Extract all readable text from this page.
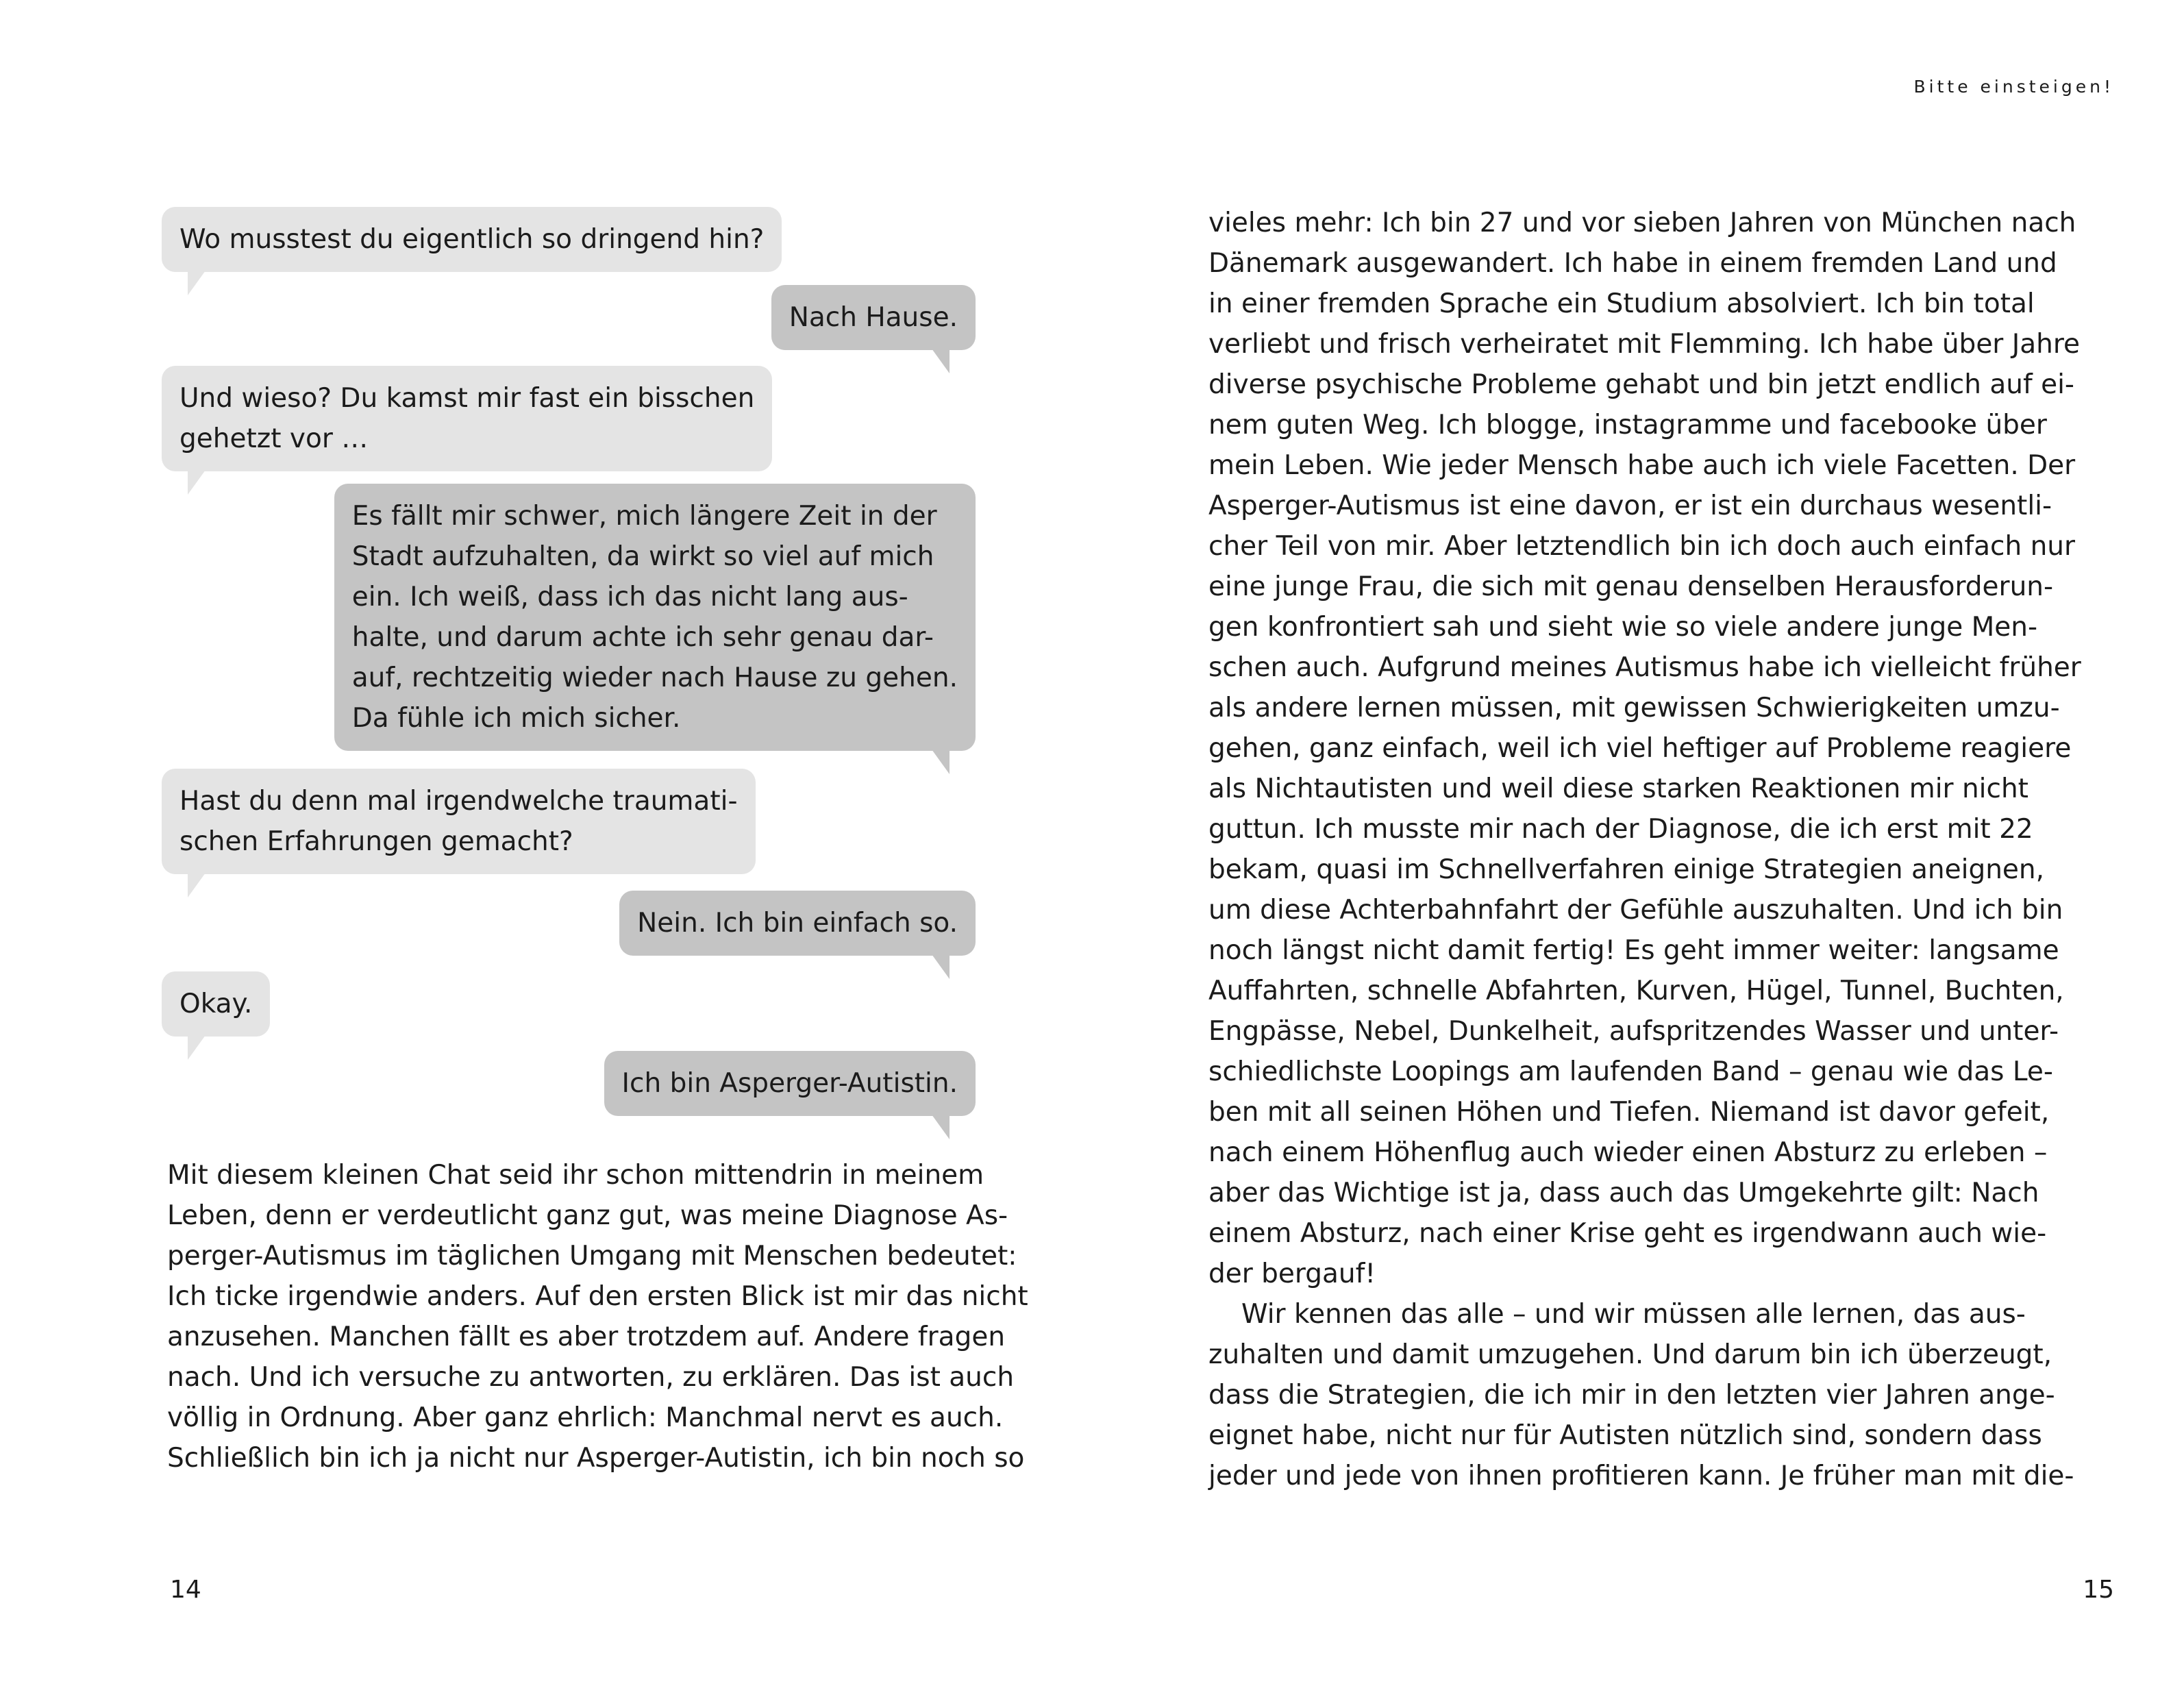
Wo musstest du eigentlich so dringend hin?
Nach Hause.
Und wieso? Du kamst mir fast ein bisschen
gehetzt vor …
Es fällt mir schwer, mich längere Zeit in der
Stadt aufzuhalten, da wirkt so viel auf mich
ein. Ich weiß, dass ich das nicht lang aus-
halte, und darum achte ich sehr genau dar-
auf, rechtzeitig wieder nach Hause zu gehen.
Da fühle ich mich sicher.
Hast du denn mal irgendwelche traumati-
schen Erfahrungen gemacht?
Nein. Ich bin einfach so.
Okay.
Ich bin Asperger-Autistin.
Mit diesem kleinen Chat seid ihr schon mittendrin in meinem
Leben, denn er verdeutlicht ganz gut, was meine Diagnose As-
perger-Autismus im täglichen Umgang mit Menschen bedeutet:
Ich ticke irgendwie anders. Auf den ersten Blick ist mir das nicht
anzusehen. Manchen fällt es aber trotzdem auf. Andere fragen
nach. Und ich versuche zu antworten, zu erklären. Das ist auch
völlig in Ordnung. Aber ganz ehrlich: Manchmal nervt es auch.
Schließlich bin ich ja nicht nur Asperger-Autistin, ich bin noch so
14
Bitte einsteigen!
vieles mehr: Ich bin 27 und vor sieben Jahren von München nach
Dänemark ausgewandert. Ich habe in einem fremden Land und
in einer fremden Sprache ein Studium absolviert. Ich bin total
verliebt und frisch verheiratet mit Flemming. Ich habe über Jahre
diverse psychische Probleme gehabt und bin jetzt endlich auf ei-
nem guten Weg. Ich blogge, instagramme und facebooke über
mein Leben. Wie jeder Mensch habe auch ich viele Facetten. Der
Asperger-Autismus ist eine davon, er ist ein durchaus wesentli-
cher Teil von mir. Aber letztendlich bin ich doch auch einfach nur
eine junge Frau, die sich mit genau denselben Herausforderun-
gen konfrontiert sah und sieht wie so viele andere junge Men-
schen auch. Aufgrund meines Autismus habe ich vielleicht früher
als andere lernen müssen, mit gewissen Schwierigkeiten umzu-
gehen, ganz einfach, weil ich viel heftiger auf Probleme reagiere
als Nichtautisten und weil diese starken Reaktionen mir nicht
guttun. Ich musste mir nach der Diagnose, die ich erst mit 22
bekam, quasi im Schnellverfahren einige Strategien aneignen,
um diese Achterbahnfahrt der Gefühle auszuhalten. Und ich bin
noch längst nicht damit fertig! Es geht immer weiter: langsame
Auffahrten, schnelle Abfahrten, Kurven, Hügel, Tunnel, Buchten,
Engpässe, Nebel, Dunkelheit, aufspritzendes Wasser und unter-
schiedlichste Loopings am laufenden Band – genau wie das Le-
ben mit all seinen Höhen und Tiefen. Niemand ist davor gefeit,
nach einem Höhenflug auch wieder einen Absturz zu erleben –
aber das Wichtige ist ja, dass auch das Umgekehrte gilt: Nach
einem Absturz, nach einer Krise geht es irgendwann auch wie-
der bergauf!
Wir kennen das alle – und wir müssen alle lernen, das aus-
zuhalten und damit umzugehen. Und darum bin ich überzeugt,
dass die Strategien, die ich mir in den letzten vier Jahren ange-
eignet habe, nicht nur für Autisten nützlich sind, sondern dass
jeder und jede von ihnen profitieren kann. Je früher man mit die-
15
